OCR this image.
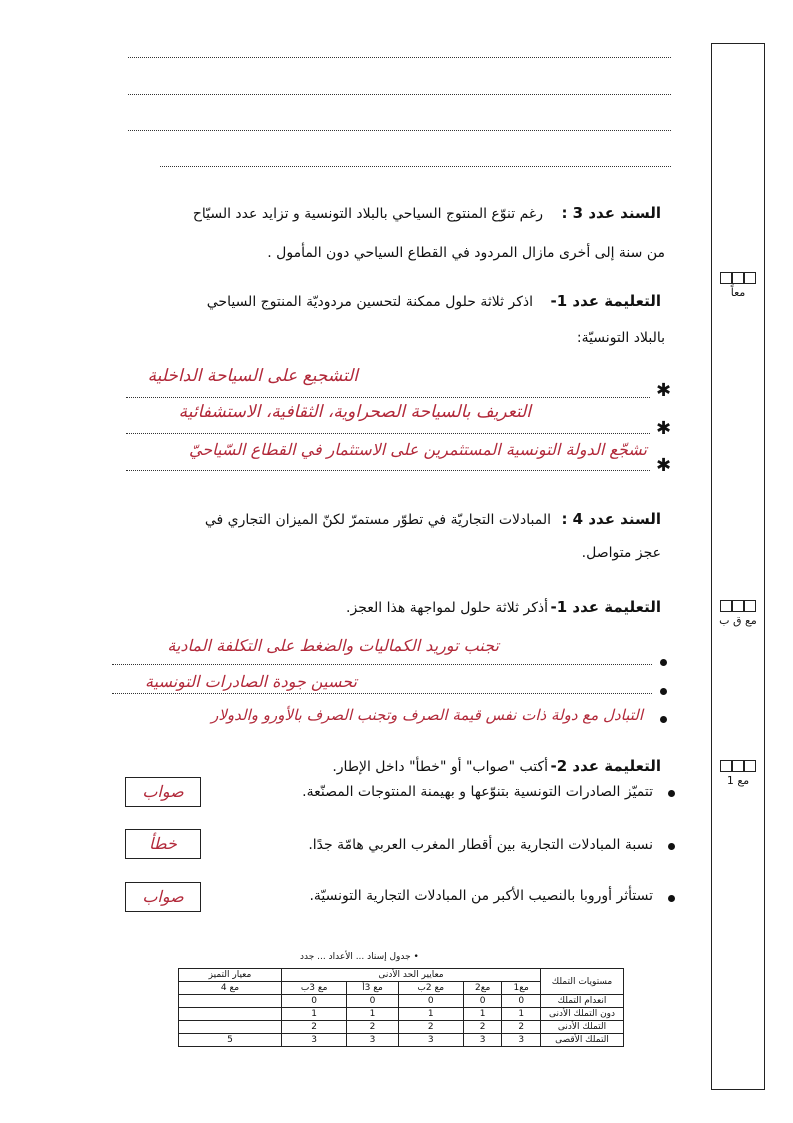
السند عدد 3 :
رغم تنوّع المنتوج السياحي بالبلاد التونسية و تزايد عدد السيّاح
من سنة إلى أخرى مازال المردود في القطاع السياحي دون المأمول .
التعليمة عدد 1-
اذكر ثلاثة حلول ممكنة لتحسين مردوديّة المنتوج السياحي
بالبلاد التونسيّة:
✱
التشجيع على السياحة الداخلية
✱
التعريف بالسياحة الصحراوية، الثقافية، الاستشفائية
✱
تشجّع الدولة التونسية المستثمرين على الاستثمار في القطاع السّياحيّ
السند عدد 4 :
المبادلات التجاريّة في تطوّر مستمرّ لكنّ الميزان التجاري في
عجز متواصل.
التعليمة عدد 1-
أذكر ثلاثة حلول لمواجهة هذا العجز.
تجنب توريد الكماليات والضغط على التكلفة المادية
تحسين جودة الصادرات التونسية
التبادل مع دولة ذات نفس قيمة الصرف وتجنب الصرف بالأورو والدولار
التعليمة عدد 2-
أكتب "صواب" أو "خطأ" داخل الإطار.
تتميّز الصادرات التونسية بتنوّعها و بهيمنة المنتوجات المصنّعة.
صواب
نسبة المبادلات التجارية بين أقطار المغرب العربي هامّة جدًا.
خطأ
تستأثر أوروبا بالنصيب الأكبر من المبادلات التجارية التونسيّة.
صواب
معاً
مع ق ب
مع 1
• جدول إسناد ... الأعداد ... جدد
مستويات التملك	معايير الحد الأدنى					معيار التميز
	مع1	مع2	مع 2ب	مع 3أ	مع 3ب	مع 4
انعدام التملك	0	0	0	0	0	
دون التملك الأدنى	1	1	1	1	1	
التملك الأدنى	2	2	2	2	2	
التملك الأقصى	3	3	3	3	3	5
